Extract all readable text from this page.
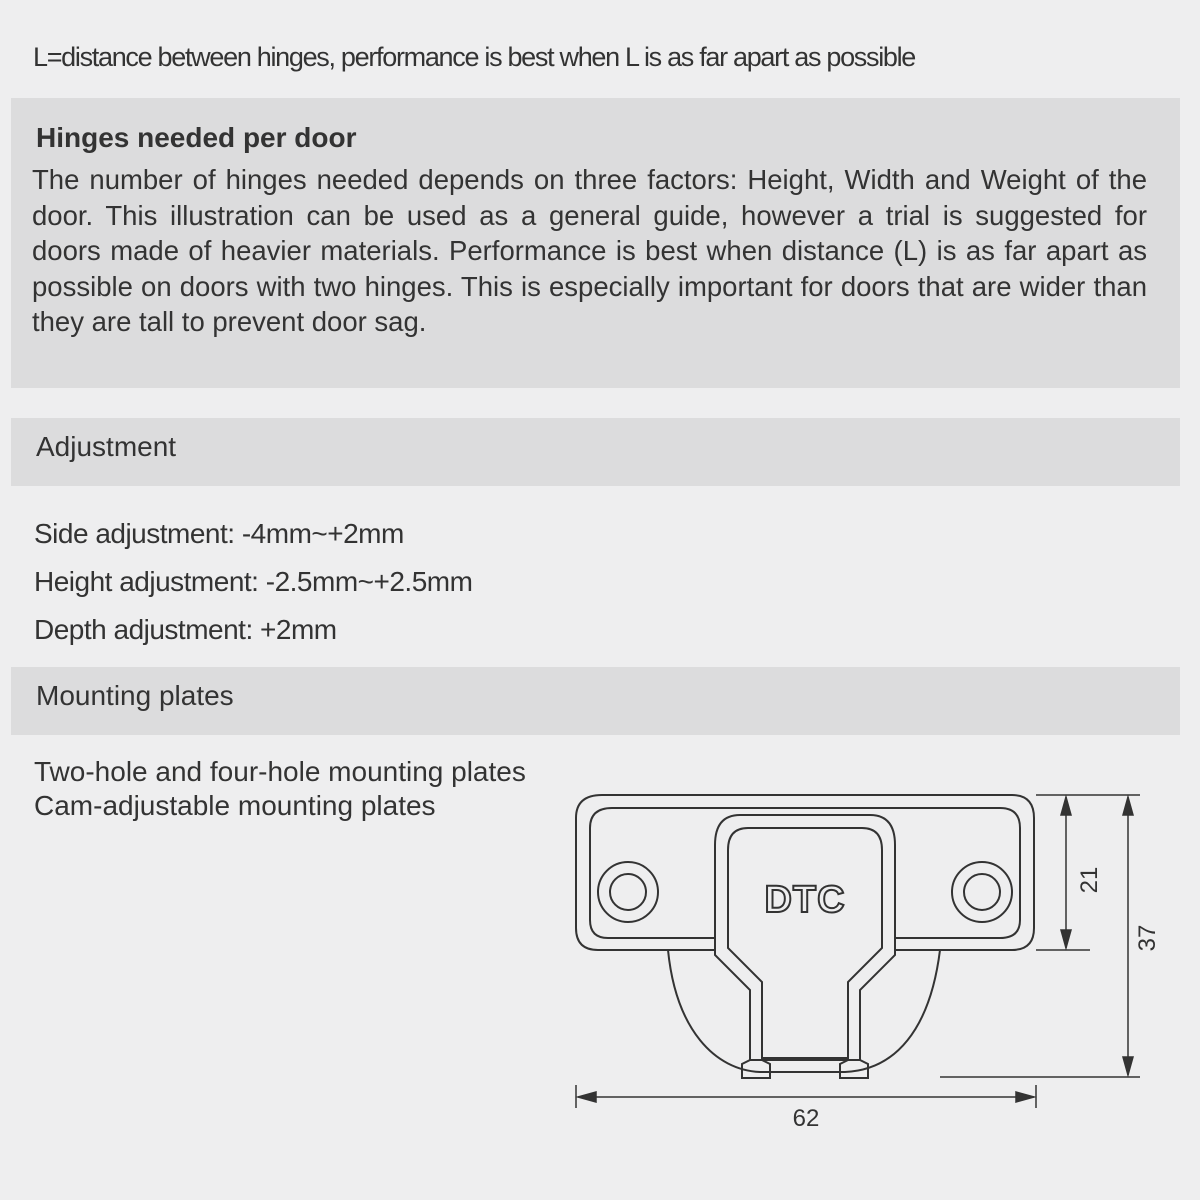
L=distance between hinges, performance is best when L is as far apart as possible
Hinges needed per door

The number of hinges needed depends on three factors: Height, Width and Weight of the door. This illustration can be used as a general guide, however a trial is suggested for doors made of heavier materials. Performance is best when distance (L) is as far apart as possible on doors with two hinges. This is especially important for doors that are wider than they are tall to prevent door sag.

Adjustment
Side adjustment: -4mm~+2mm
Height adjustment: -2.5mm~+2.5mm
Depth adjustment: +2mm
Mounting plates
Two-hole and four-hole mounting plates
Cam-adjustable mounting plates
DTC	21
37
62
